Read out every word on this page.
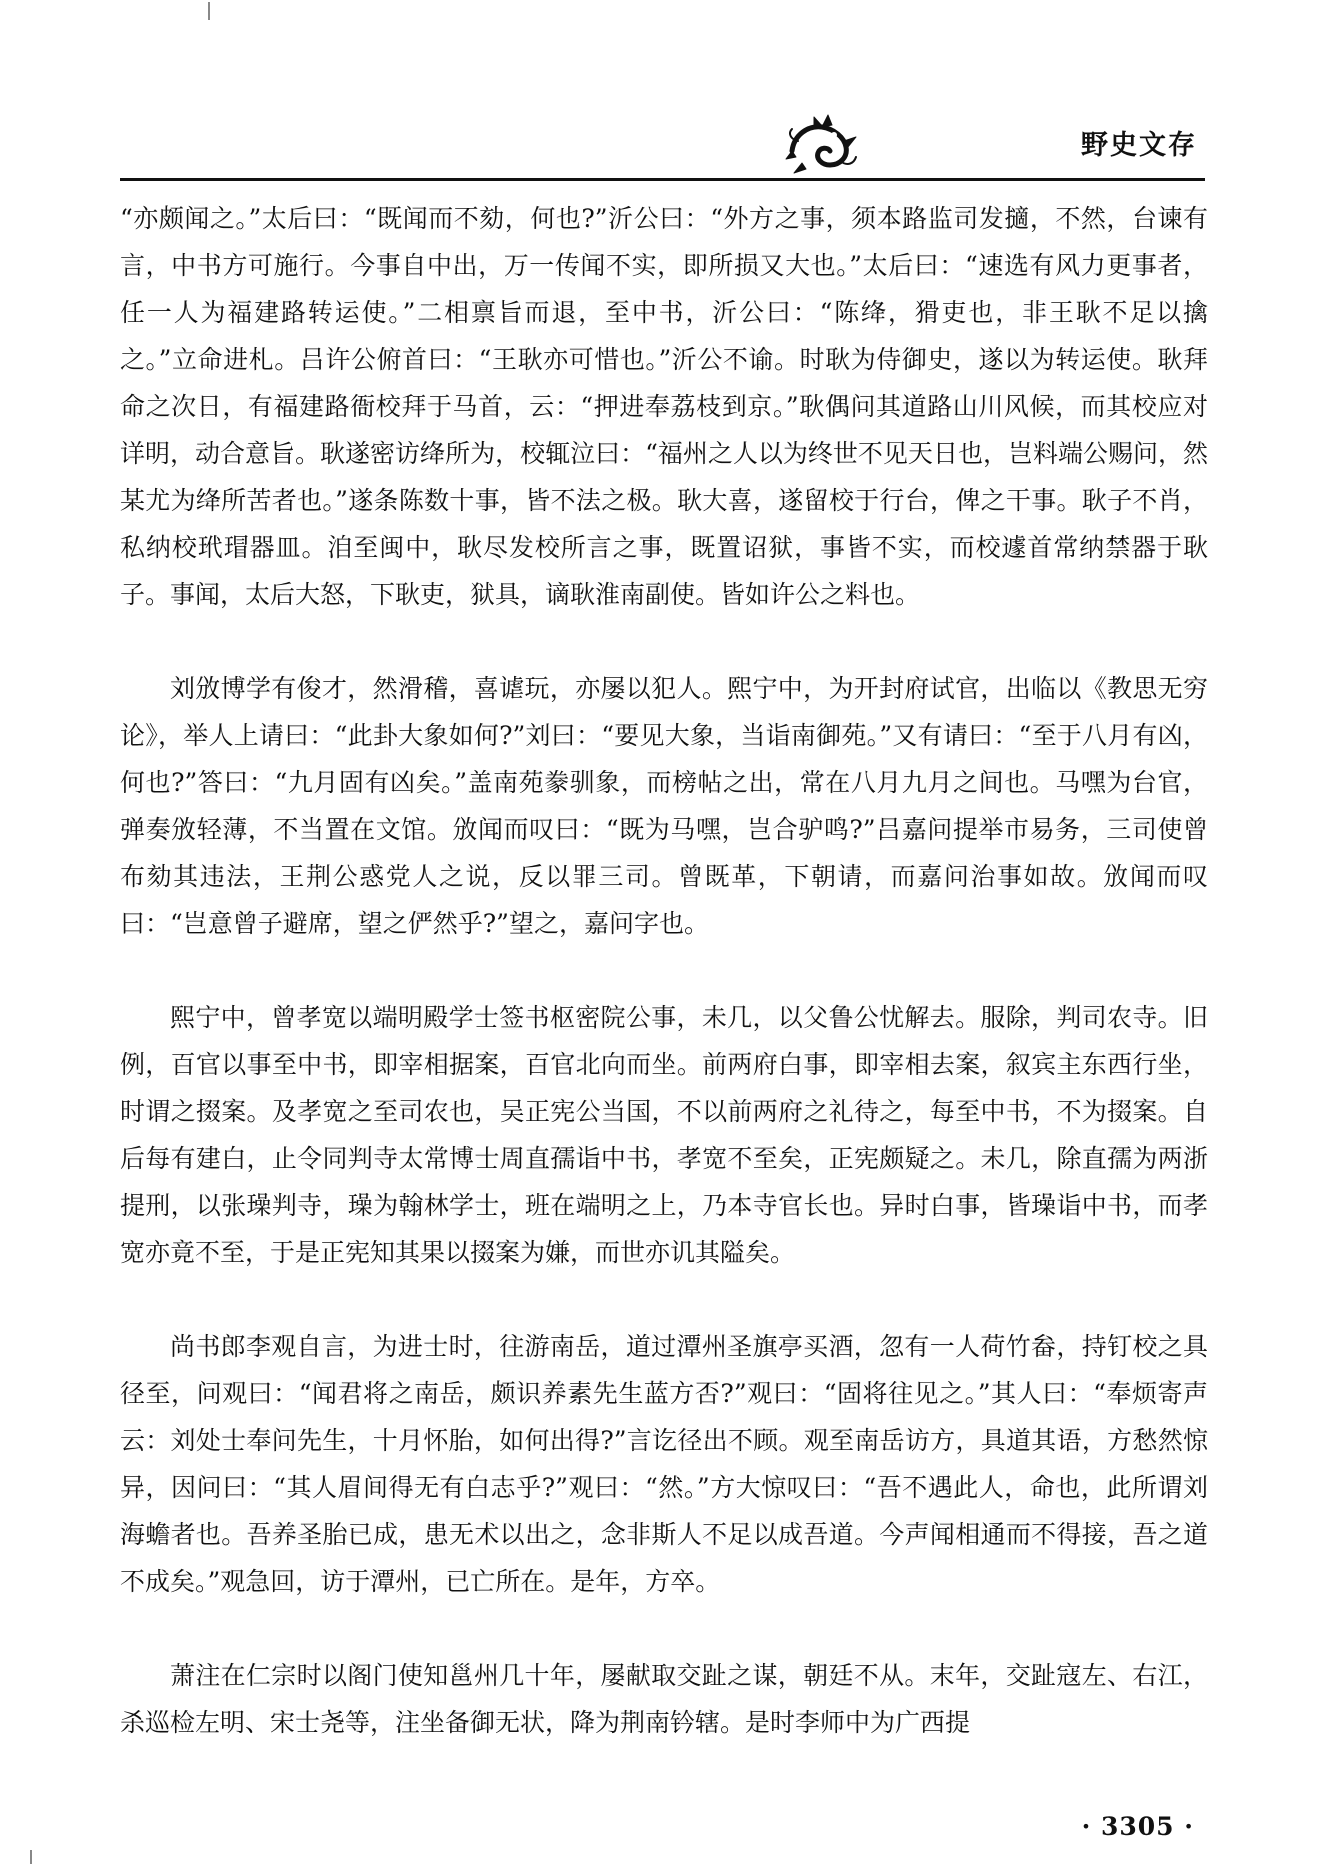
野史文存

“亦颇闻之。”太后曰：“既闻而不劾，何也?”沂公曰：“外方之事，须本路监司发擿，不然，台谏有言，中书方可施行。今事自中出，万一传闻不实，即所损又大也。”太后曰：“速选有风力更事者，任一人为福建路转运使。”二相禀旨而退，至中书，沂公曰：“陈绛，猾吏也，非王耿不足以擒之。”立命进札。吕许公俯首曰：“王耿亦可惜也。”沂公不谕。时耿为侍御史，遂以为转运使。耿拜命之次日，有福建路衙校拜于马首，云：“押进奉荔枝到京。”耿偶问其道路山川风候，而其校应对详明，动合意旨。耿遂密访绛所为，校辄泣曰：“福州之人以为终世不见天日也，岂料端公赐问，然某尤为绛所苦者也。”遂条陈数十事，皆不法之极。耿大喜，遂留校于行台，俾之干事。耿子不肖，私纳校玳瑁器皿。洎至闽中，耿尽发校所言之事，既置诏狱，事皆不实，而校遽首常纳禁器于耿子。事闻，太后大怒，下耿吏，狱具，谪耿淮南副使。皆如许公之料也。

刘攽博学有俊才，然滑稽，喜谑玩，亦屡以犯人。熙宁中，为开封府试官，出临以《教思无穷论》，举人上请曰：“此卦大象如何?”刘曰：“要见大象，当诣南御苑。”又有请曰：“至于八月有凶，何也?”答曰：“九月固有凶矣。”盖南苑豢驯象，而榜帖之出，常在八月九月之间也。马嘿为台官，弹奏攽轻薄，不当置在文馆。攽闻而叹曰：“既为马嘿，岂合驴鸣?”吕嘉问提举市易务，三司使曾布劾其违法，王荆公惑党人之说，反以罪三司。曾既革，下朝请，而嘉问治事如故。攽闻而叹曰：“岂意曾子避席，望之俨然乎?”望之，嘉问字也。

熙宁中，曾孝宽以端明殿学士签书枢密院公事，未几，以父鲁公忧解去。服除，判司农寺。旧例，百官以事至中书，即宰相据案，百官北向而坐。前两府白事，即宰相去案，叙宾主东西行坐，时谓之掇案。及孝宽之至司农也，吴正宪公当国，不以前两府之礼待之，每至中书，不为掇案。自后每有建白，止令同判寺太常博士周直孺诣中书，孝宽不至矣，正宪颇疑之。未几，除直孺为两浙提刑，以张璪判寺，璪为翰林学士，班在端明之上，乃本寺官长也。异时白事，皆璪诣中书，而孝宽亦竟不至，于是正宪知其果以掇案为嫌，而世亦讥其隘矣。

尚书郎李观自言，为进士时，往游南岳，道过潭州圣旗亭买酒，忽有一人荷竹畚，持钉校之具径至，问观曰：“闻君将之南岳，颇识养素先生蓝方否?”观曰：“固将往见之。”其人曰：“奉烦寄声云：刘处士奉问先生，十月怀胎，如何出得?”言讫径出不顾。观至南岳访方，具道其语，方愁然惊异，因问曰：“其人眉间得无有白志乎?”观曰：“然。”方大惊叹曰：“吾不遇此人，命也，此所谓刘海蟾者也。吾养圣胎已成，患无术以出之，念非斯人不足以成吾道。今声闻相通而不得接，吾之道不成矣。”观急回，访于潭州，已亡所在。是年，方卒。

萧注在仁宗时以阁门使知邕州几十年，屡献取交趾之谋，朝廷不从。末年，交趾寇左、右江，杀巡检左明、宋士尧等，注坐备御无状，降为荆南钤辖。是时李师中为广西提

· 3305 ·
